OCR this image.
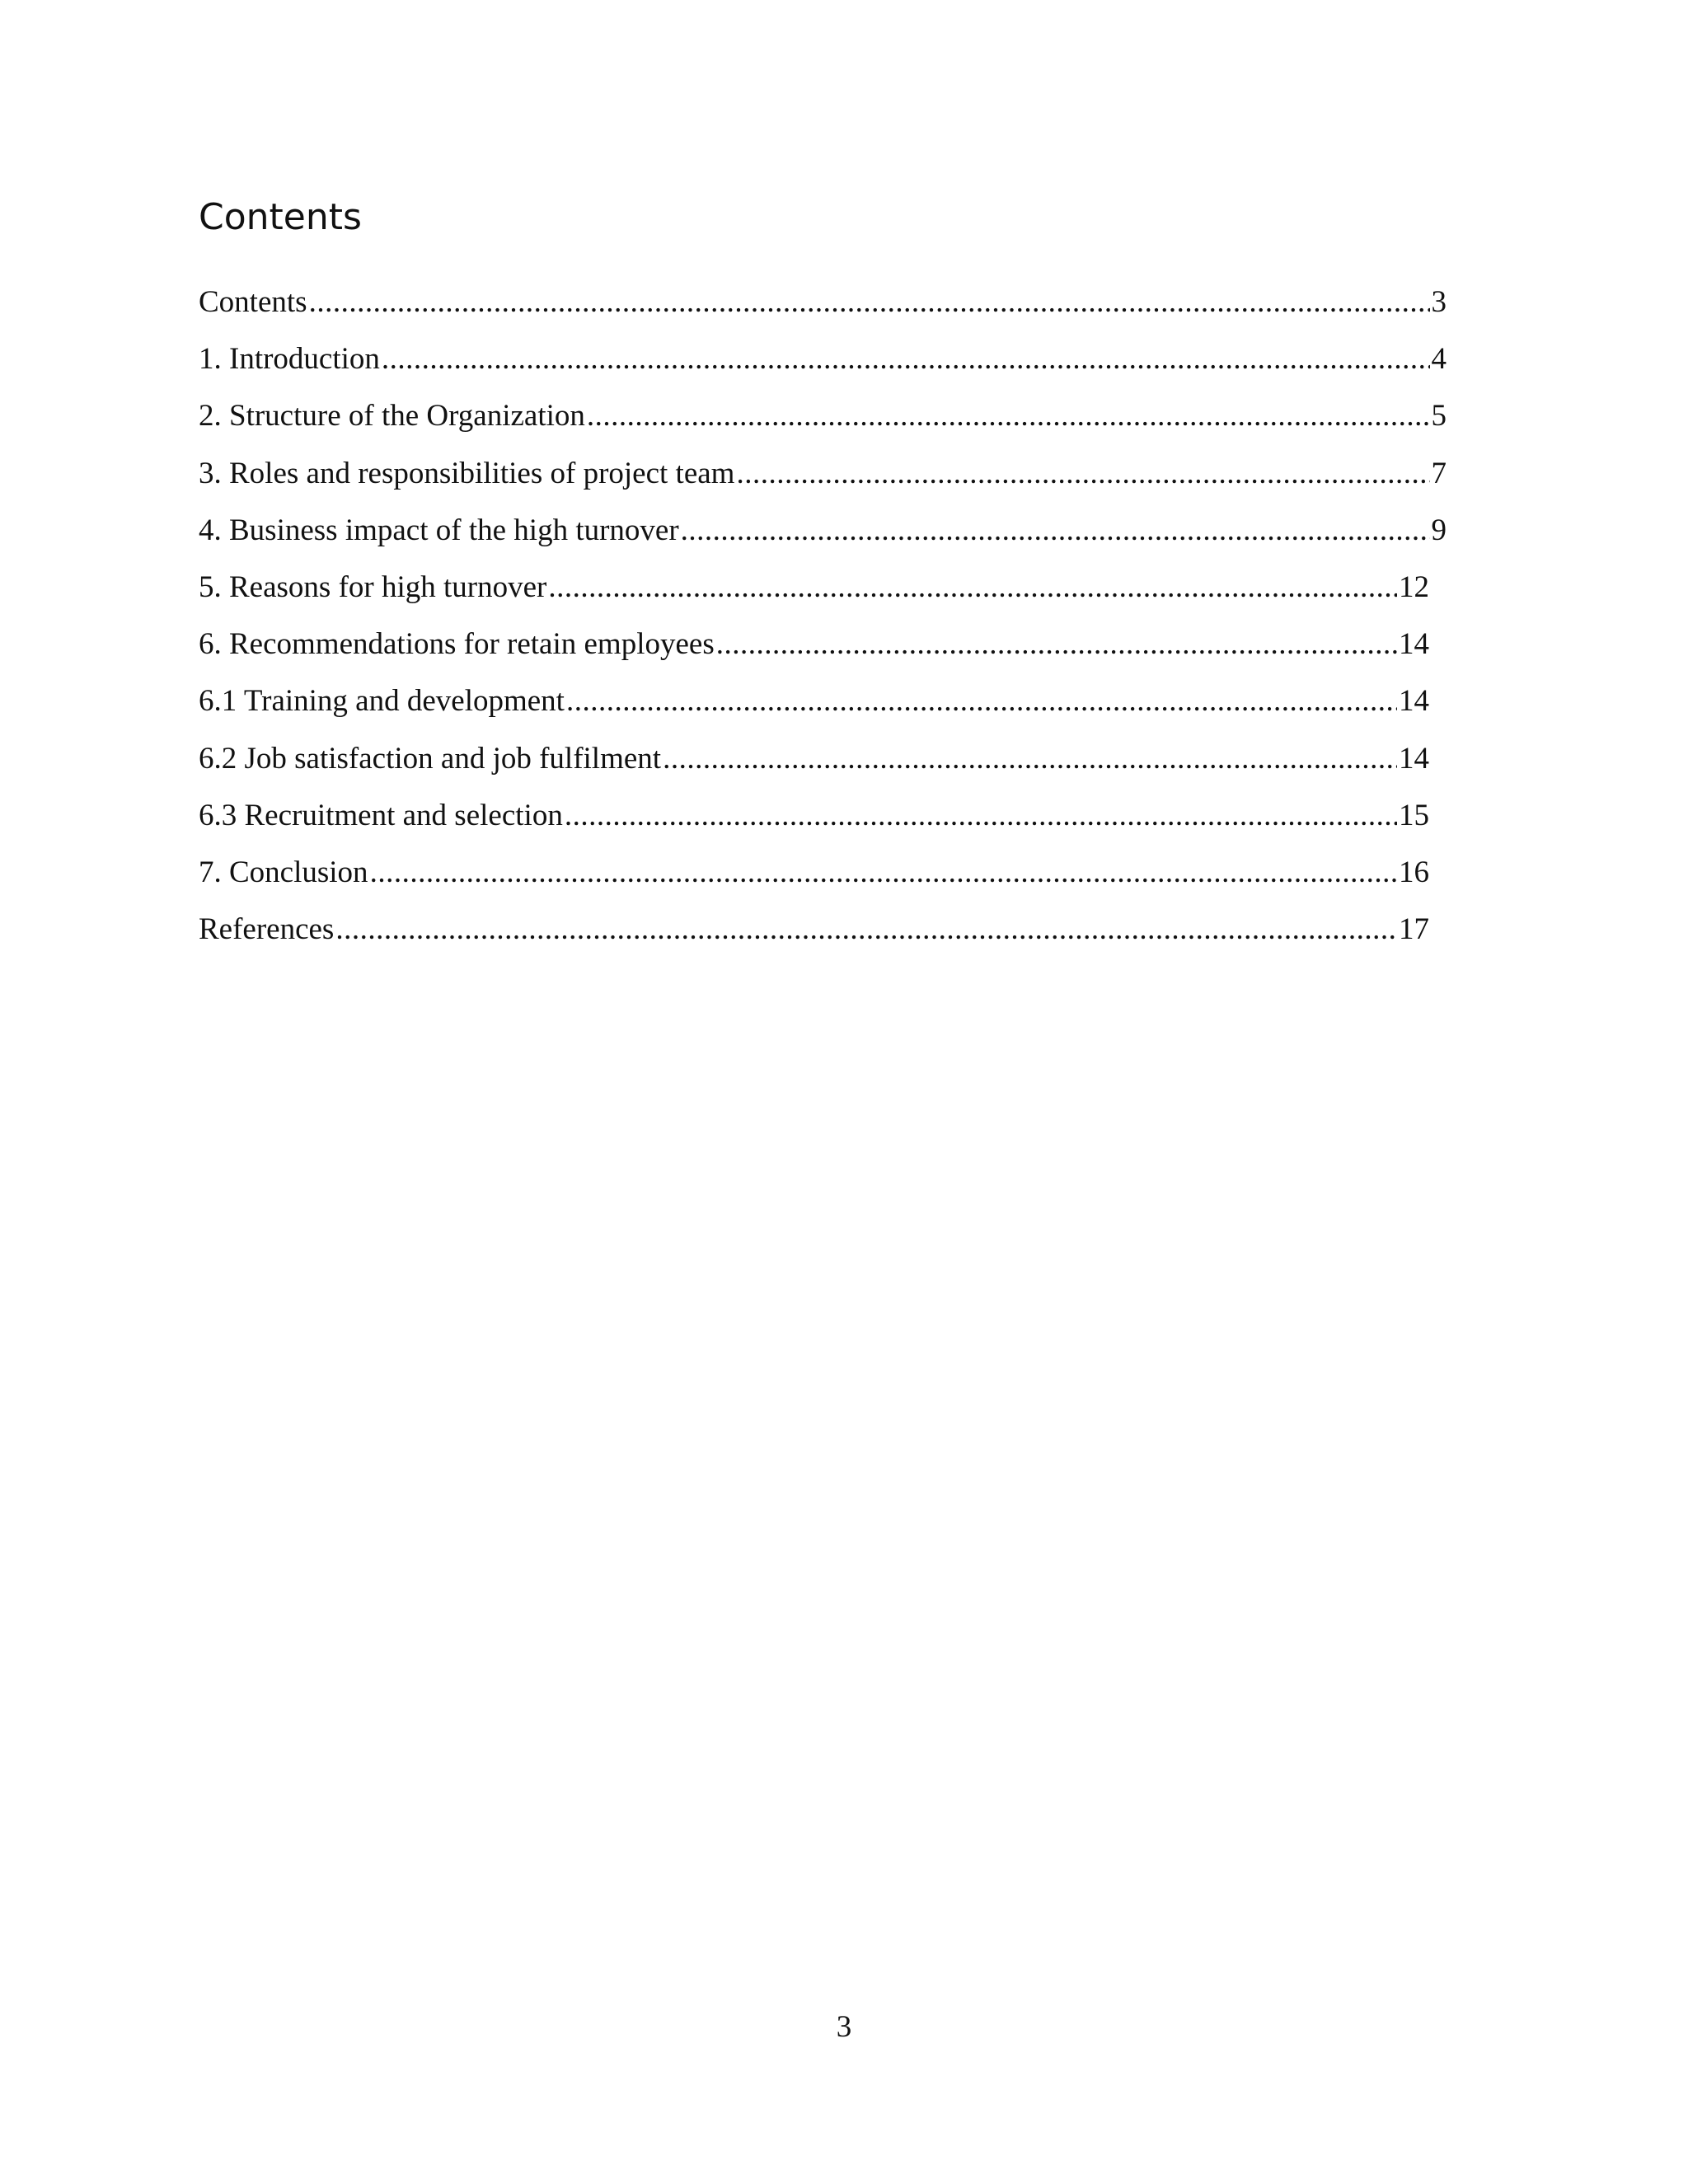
Contents
Contents .....	3
1. Introduction .....	4
2. Structure of the Organization .....	5
3. Roles and responsibilities of project team .....	7
4. Business impact of the high turnover .....	9
5. Reasons for high turnover .....	12
6. Recommendations for retain employees .....	14
6.1 Training and development .....	14
6.2 Job satisfaction and job fulfilment .....	14
6.3 Recruitment and selection .....	15
7. Conclusion .....	16
References .....	17
3
